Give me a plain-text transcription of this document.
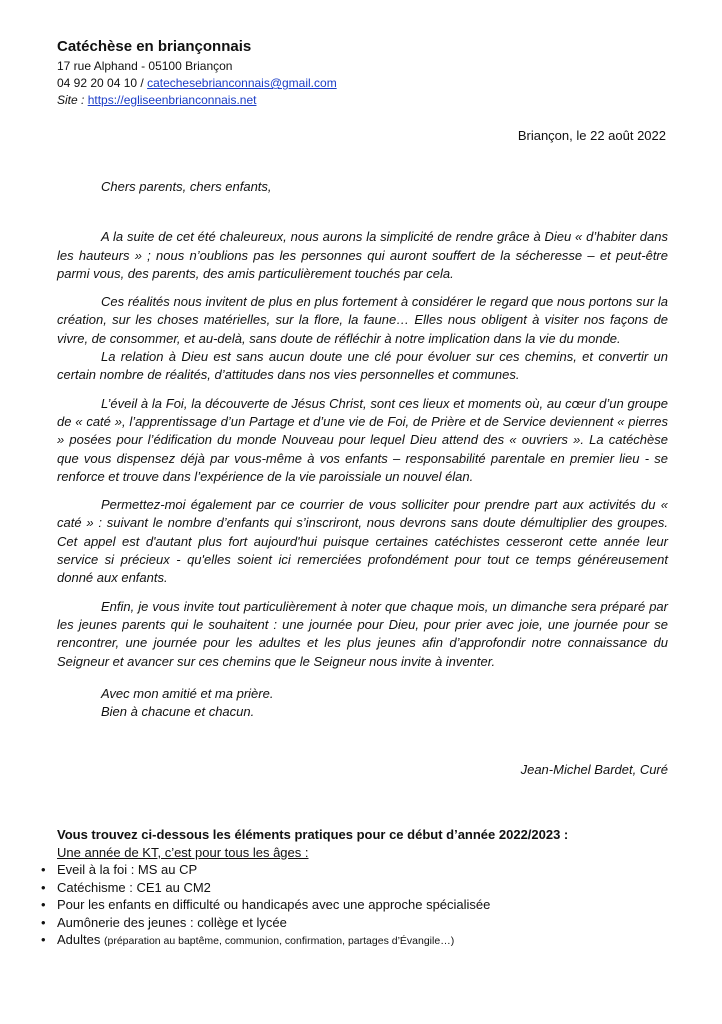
Catéchèse en briançonnais
17 rue Alphand - 05100 Briançon
04 92 20 04 10 / catechesebrianconnais@gmail.com
Site : https://egliseenbrianconnais.net
Briançon, le 22 août 2022
Chers parents, chers enfants,

A la suite de cet été chaleureux, nous aurons la simplicité de rendre grâce à Dieu « d’habiter dans les hauteurs » ; nous n’oublions pas les personnes qui auront souffert de la sécheresse – et peut-être parmi vous, des parents, des amis particulièrement touchés par cela.

Ces réalités nous invitent de plus en plus fortement à considérer le regard que nous portons sur la création, sur les choses matérielles, sur la flore, la faune… Elles nous obligent à visiter nos façons de vivre, de consommer, et au-delà, sans doute de réfléchir à notre implication dans la vie du monde.

La relation à Dieu est sans aucun doute une clé pour évoluer sur ces chemins, et convertir un certain nombre de réalités, d’attitudes dans nos vies personnelles et communes.

L’éveil à la Foi, la découverte de Jésus Christ, sont ces lieux et moments où, au cœur d’un groupe de « caté », l’apprentissage d’un Partage et d’une vie de Foi, de Prière et de Service deviennent « pierres » posées pour l’édification du monde Nouveau pour lequel Dieu attend des « ouvriers ». La catéchèse que vous dispensez déjà par vous-même à vos enfants – responsabilité parentale en premier lieu - se renforce et trouve dans l’expérience de la vie paroissiale un nouvel élan.

Permettez-moi également par ce courrier de vous solliciter pour prendre part aux activités du « caté » : suivant le nombre d’enfants qui s’inscriront, nous devrons sans doute démultiplier des groupes. Cet appel est d'autant plus fort aujourd'hui puisque certaines catéchistes cesseront cette année leur service si précieux - qu'elles soient ici remerciées profondément pour tout ce temps généreusement donné aux enfants.

Enfin, je vous invite tout particulièrement à noter que chaque mois, un dimanche sera préparé par les jeunes parents qui le souhaitent : une journée pour Dieu, pour prier avec joie, une journée pour se rencontrer, une journée pour les adultes et les plus jeunes afin d’approfondir notre connaissance du Seigneur et avancer sur ces chemins que le Seigneur nous invite à inventer.

Avec mon amitié et ma prière.
Bien à chacune et chacun.
Jean-Michel Bardet, Curé
Vous trouvez ci-dessous les éléments pratiques pour ce début d’année 2022/2023 :
Une année de KT, c’est pour tous les âges :
• Eveil à la foi : MS au CP
• Catéchisme : CE1 au CM2
• Pour les enfants en difficulté ou handicapés avec une approche spécialisée
• Aumônerie des jeunes : collège et lycée
• Adultes (préparation au baptême, communion, confirmation, partages d’Évangile…)
